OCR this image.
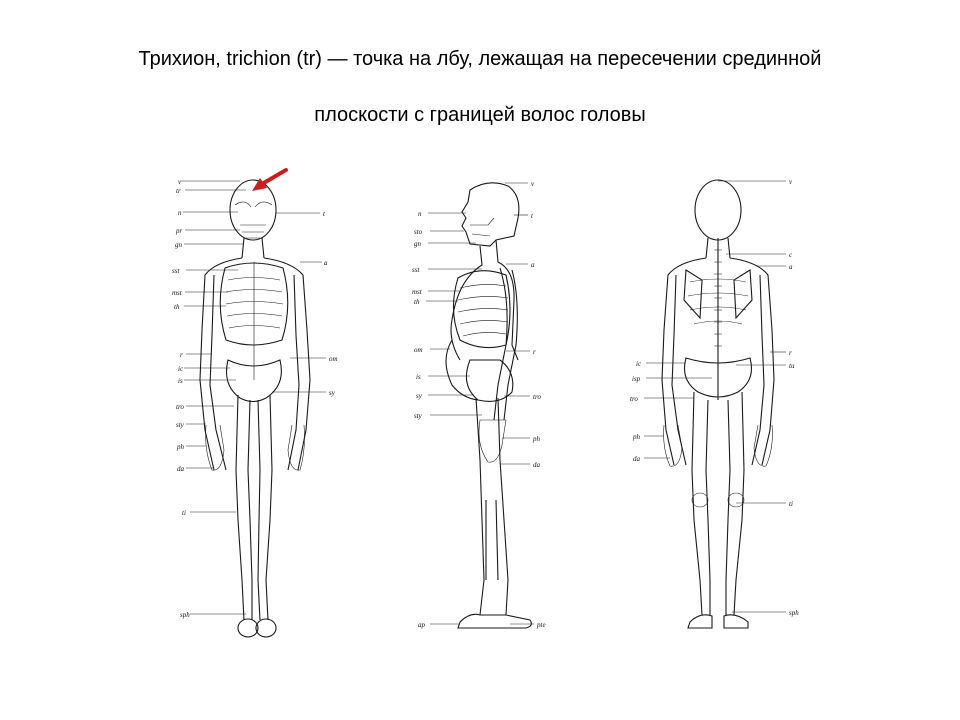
Трихион, trichion (tr) — точка на лбу, лежащая на пересечении срединной
плоскости с границей волос головы
v
tr
n
pr
gn
sst
mst
th
r
ic
is
tro
sty
ph
da
ti
sph
t
a
om
sy
v
n	t
sto
gn
sst
a
mst
th
om	r
is
sy	tro
sty
ph
da
ap	pte
v
c
a
ic
r
tu
isp
tro
ph
da
ti
sph
